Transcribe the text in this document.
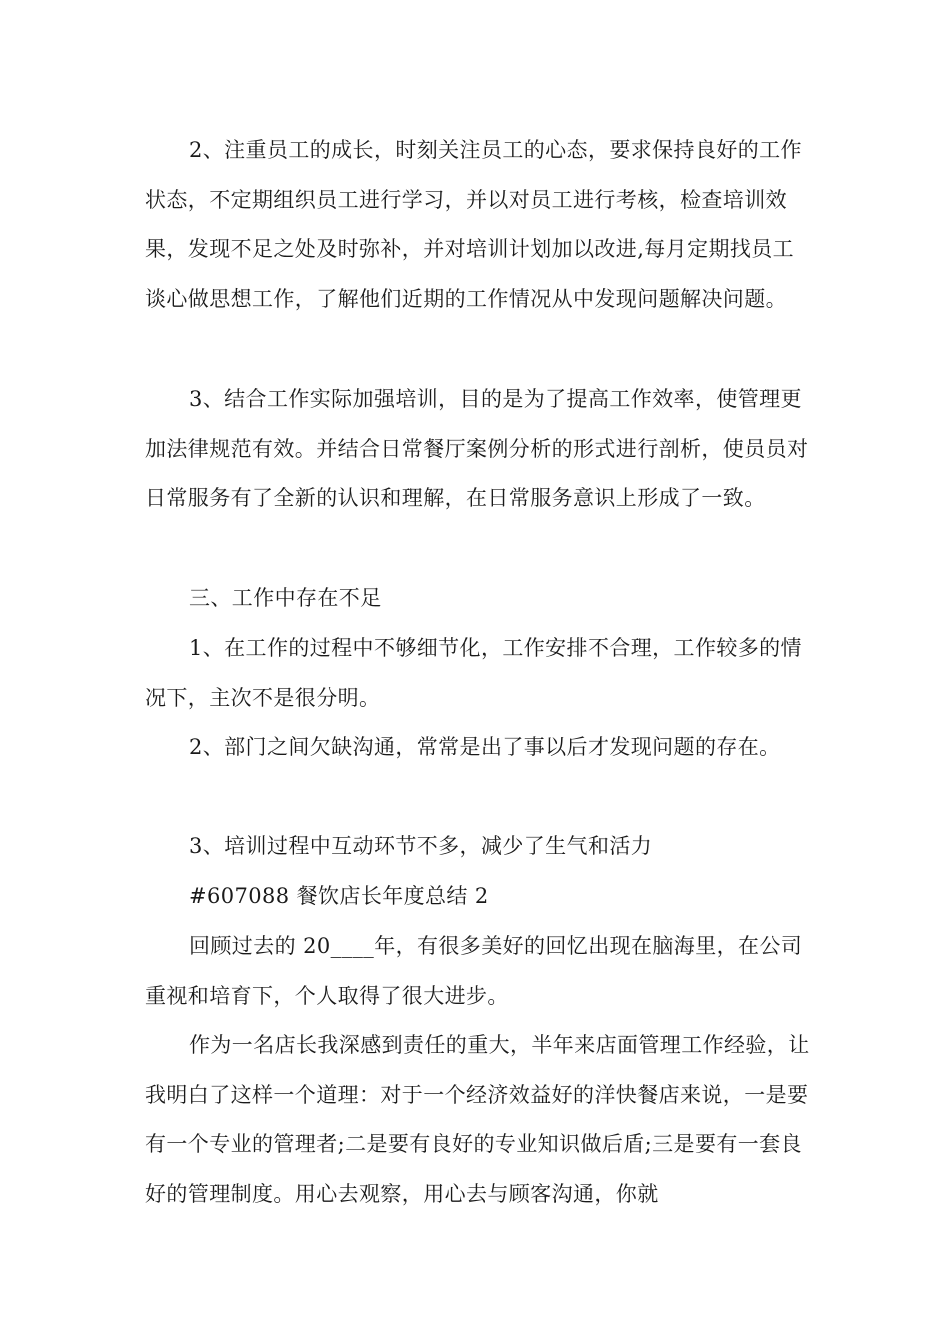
2、注重员工的成长，时刻关注员工的心态，要求保持良好的工作状态，不定期组织员工进行学习，并以对员工进行考核，检查培训效果，发现不足之处及时弥补，并对培训计划加以改进,每月定期找员工谈心做思想工作，了解他们近期的工作情况从中发现问题解决问题。

3、结合工作实际加强培训，目的是为了提高工作效率，使管理更加法律规范有效。并结合日常餐厅案例分析的形式进行剖析，使员员对日常服务有了全新的认识和理解，在日常服务意识上形成了一致。

三、工作中存在不足

1、在工作的过程中不够细节化，工作安排不合理，工作较多的情况下，主次不是很分明。

2、部门之间欠缺沟通，常常是出了事以后才发现问题的存在。

3、培训过程中互动环节不多，减少了生气和活力

#607088 餐饮店长年度总结 2

回顾过去的 20____年，有很多美好的回忆出现在脑海里，在公司重视和培育下，个人取得了很大进步。

作为一名店长我深感到责任的重大，半年来店面管理工作经验，让我明白了这样一个道理：对于一个经济效益好的洋快餐店来说，一是要有一个专业的管理者;二是要有良好的专业知识做后盾;三是要有一套良好的管理制度。用心去观察，用心去与顾客沟通，你就
